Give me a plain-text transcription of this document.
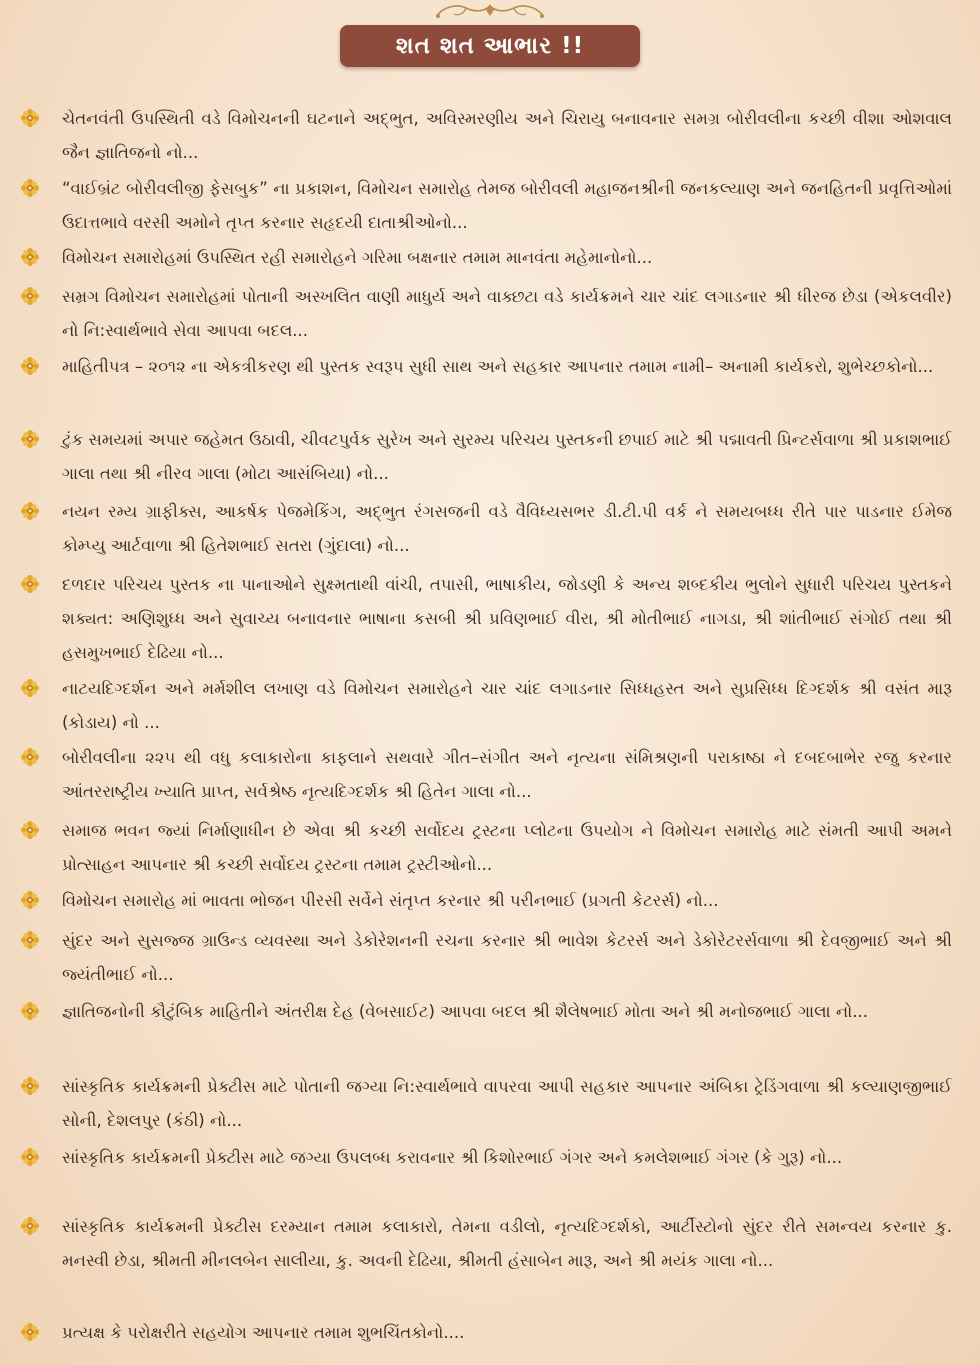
શત શત આભાર !!
ચેતનવંતી ઉપસ્થિતી વડે વિમોચનની ઘટનાને અદ્ભુત, અવિસ્મરણીય અને ચિરાયુ બનાવનાર સમગ્ર બોરીવલીના કચ્છી વીશા ઓશવાલ જૈન જ્ઞાતિજનો નો...
“વાઈબ્રંટ બોરીવલીજી ફેસબુક” ના પ્રકાશન, વિમોચન સમારોહ તેમજ બોરીવલી મહાજનશ્રીની જનકલ્યાણ અને જનહિતની પ્રવૃત્તિઓમાં ઉદાત્તભાવે વરસી અમોને તૃપ્ત કરનાર સહૃદયી દાતાશ્રીઓનો...
વિમોચન સમારોહમાં ઉપસ્થિત રહી સમારોહને ગરિમા બક્ષનાર તમામ માનવંતા મહેમાનોનો...
સમ્રગ વિમોચન સમારોહમાં પોતાની અસ્ખલિત વાણી માધુર્ય અને વાક્છટા વડે કાર્યક્રમને ચાર ચાંદ લગાડનાર શ્રી ધીરજ છેડા (એકલવીર) નો નિ:સ્વાર્થભાવે સેવા આપવા બદલ...
માહિતીપત્ર – ૨૦૧૨ ના એકત્રીકરણ થી પુસ્તક સ્વરૂપ સુધી સાથ અને સહકાર આપનાર તમામ નામી– અનામી કાર્યકરો, શુભેચ્છકોનો...
ટુંક સમયમાં અપાર જહેમત ઉઠાવી, ચીવટપુર્વક સુરેખ અને સુરમ્ય પરિચય પુસ્તકની છપાઈ માટે શ્રી પદ્માવતી પ્રિન્ટર્સવાળા શ્રી પ્રકાશભાઈ ગાલા તથા શ્રી નીરવ ગાલા (મોટા આસંબિયા) નો...
નયન રમ્ય ગ્રાફીક્સ, આકર્ષક પેજમેકિંગ, અદ્ભુત રંગસજની વડે વૈવિધ્યસભર ડી.ટી.પી વર્ક ને સમયબધ્ધ રીતે પાર પાડનાર ઈમેજ કોમ્પ્યુ આર્ટવાળા શ્રી હિતેશભાઈ સતરા (ગુંદાલા) નો...
દળદાર પરિચય પુસ્તક ના પાનાઓને સુક્ષ્મતાથી વાંચી, તપાસી, ભાષાકીય, જોડણી કે અન્ય શબ્દકીય ભુલોને સુધારી પરિચય પુસ્તકને શક્યત: અણિશુધ્ધ અને સુવાચ્ય બનાવનાર ભાષાના કસબી શ્રી પ્રવિણભાઈ વીરા, શ્રી મોતીભાઈ નાગડા, શ્રી શાંતીભાઈ સંગોઈ તથા શ્રી હસમુખભાઈ દેઢિયા નો...
નાટયદિગ્દર્શન અને મર્મશીલ લખાણ વડે વિમોચન સમારોહને ચાર ચાંદ લગાડનાર સિધ્ધહસ્ત અને સુપ્રસિધ્ધ દિગ્દર્શક શ્રી વસંત મારૂ (કોડાય) નો ...
બોરીવલીના ૨૨૫ થી વધુ કલાકારોના કાફલાને સથવારે ગીત–સંગીત અને નૃત્યના સંમિશ્રણની પરાકાષ્ઠા ને દબદબાભેર રજુ કરનાર આંતરરાષ્ટ્રીય ખ્યાતિ પ્રાપ્ત, સર્વશ્રેષ્ઠ નૃત્યદિગ્દર્શક શ્રી હિતેન ગાલા નો...
સમાજ ભવન જ્યાં નિર્માણાધીન છે એવા શ્રી કચ્છી સર્વોદય ટ્રસ્ટના પ્લોટના ઉપયોગ ને વિમોચન સમારોહ માટે સંમતી આપી અમને પ્રોત્સાહન આપનાર શ્રી કચ્છી સર્વોદય ટ્રસ્ટના તમામ ટ્રસ્ટીઓનો...
વિમોચન સમારોહ માં ભાવતા ભોજન પીરસી સર્વેને સંતૃપ્ત કરનાર શ્રી પરીનભાઈ (પ્રગતી કેટરર્સ) નો...
સુંદર અને સુસજ્જ ગ્રાઉન્ડ વ્યવસ્થા અને ડેકોરેશનની રચના કરનાર શ્રી ભાવેશ કેટરર્સ અને ડેકોરેટરર્સવાળા શ્રી દેવજીભાઈ અને શ્રી જ્યંતીભાઈ નો...
જ્ઞાતિજનોની કૌટુંબિક માહિતીને અંતરીક્ષ દેહ (વેબસાઈટ) આપવા બદલ શ્રી શૈલેષભાઈ મોતા અને શ્રી મનોજભાઈ ગાલા નો...
સાંસ્કૃતિક કાર્યક્રમની પ્રેક્ટીસ માટે પોતાની જગ્યા નિ:સ્વાર્થભાવે વાપરવા આપી સહકાર આપનાર અંબિકા ટ્રેડિંગવાળા શ્રી કલ્યાણજીભાઈ સોની, દેશલપુર (કંઠી) નો...
સાંસ્કૃતિક કાર્યક્રમની પ્રેક્ટીસ માટે જગ્યા ઉપલબ્ધ કરાવનાર શ્રી કિશોરભાઈ ગંગર અને કમલેશભાઈ ગંગર (કે ગુરૂ) નો...
સાંસ્કૃતિક કાર્યક્રમની પ્રેક્ટીસ દરમ્યાન તમામ કલાકારો, તેમના વડીલો, નૃત્યદિગ્દર્શકો, આર્ટીસ્ટોનો સુંદર રીતે સમન્વય કરનાર કુ. મનસ્વી છેડા, શ્રીમતી મીનલબેન સાલીયા, કુ. અવની દેઢિયા, શ્રીમતી હંસાબેન મારૂ, અને શ્રી મયંક ગાલા નો...
પ્રત્યક્ષ કે પરોક્ષરીતે સહયોગ આપનાર તમામ શુભચિંતકોનો....
